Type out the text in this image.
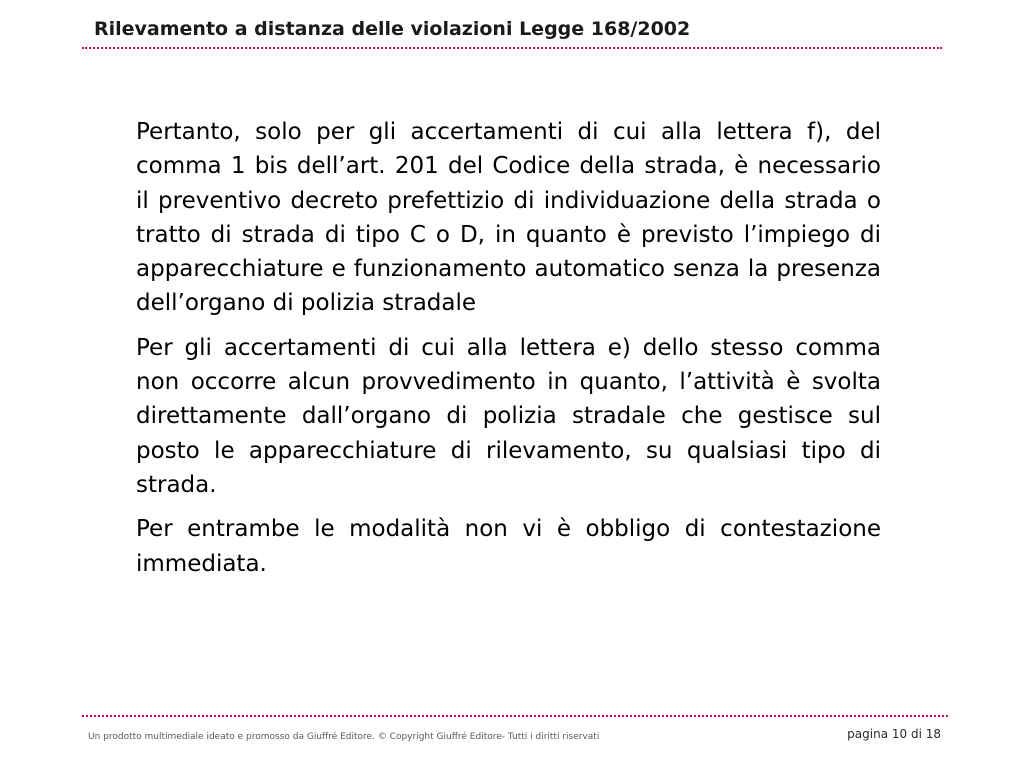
Rilevamento a distanza delle violazioni Legge 168/2002

Pertanto, solo per gli accertamenti di cui alla lettera f), del comma 1 bis dell’art. 201 del Codice della strada, è necessario il preventivo decreto prefettizio di individuazione della strada o tratto di strada di tipo C o D, in quanto è previsto l’impiego di apparecchiature e funzionamento automatico senza la presenza dell’organo di polizia stradale

Per gli accertamenti di cui alla lettera e) dello stesso comma non occorre alcun provvedimento in quanto, l’attività è svolta direttamente dall’organo di polizia stradale che gestisce sul posto le apparecchiature di rilevamento, su qualsiasi tipo di strada.

Per entrambe le modalità non vi è obbligo di contestazione immediata.

Un prodotto multimediale ideato e promosso da Giuffré Editore. © Copyright Giuffré Editore- Tutti i diritti riservati	pagina 10 di 18
